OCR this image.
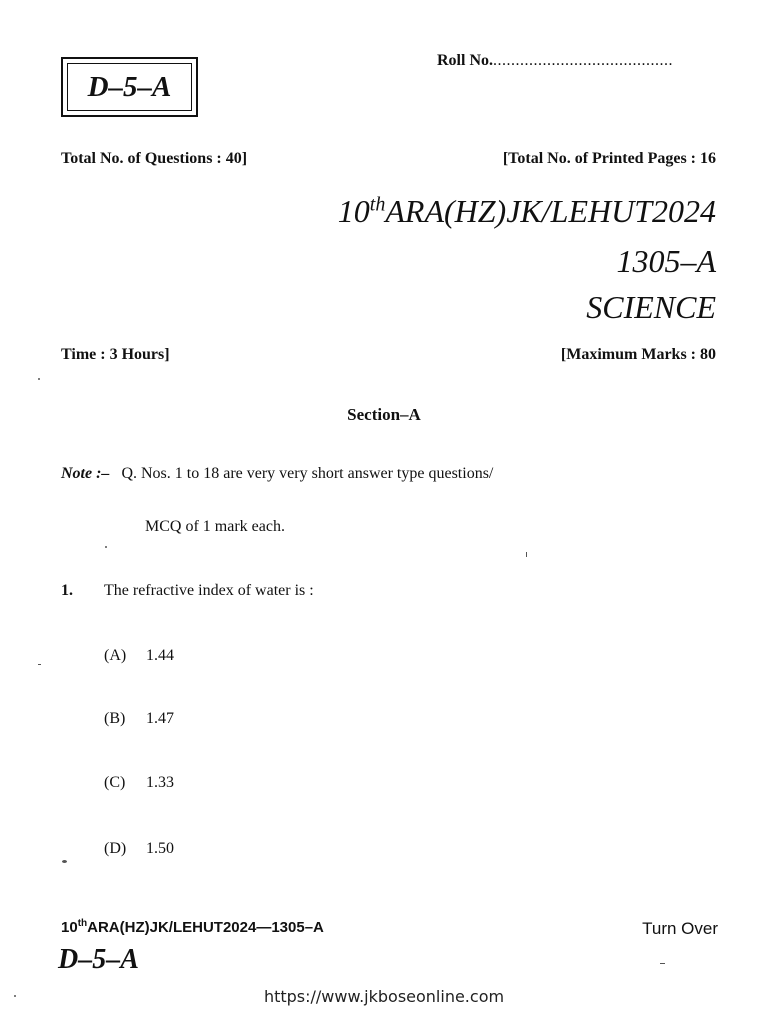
D–5–A
Roll No.........................................
Total No. of Questions : 40]	[Total No. of Printed Pages : 16
10thARA(HZ)JK/LEHUT2024
1305–A
SCIENCE
Time : 3 Hours]	[Maximum Marks : 80
Section–A
Note :– Q. Nos. 1 to 18 are very very short answer type questions/
MCQ of 1 mark each.
1. The refractive index of water is :
(A) 1.44
(B) 1.47
(C) 1.33
(D) 1.50
10thARA(HZ)JK/LEHUT2024—1305–A	Turn Over
D–5–A
https://www.jkboseonline.com
